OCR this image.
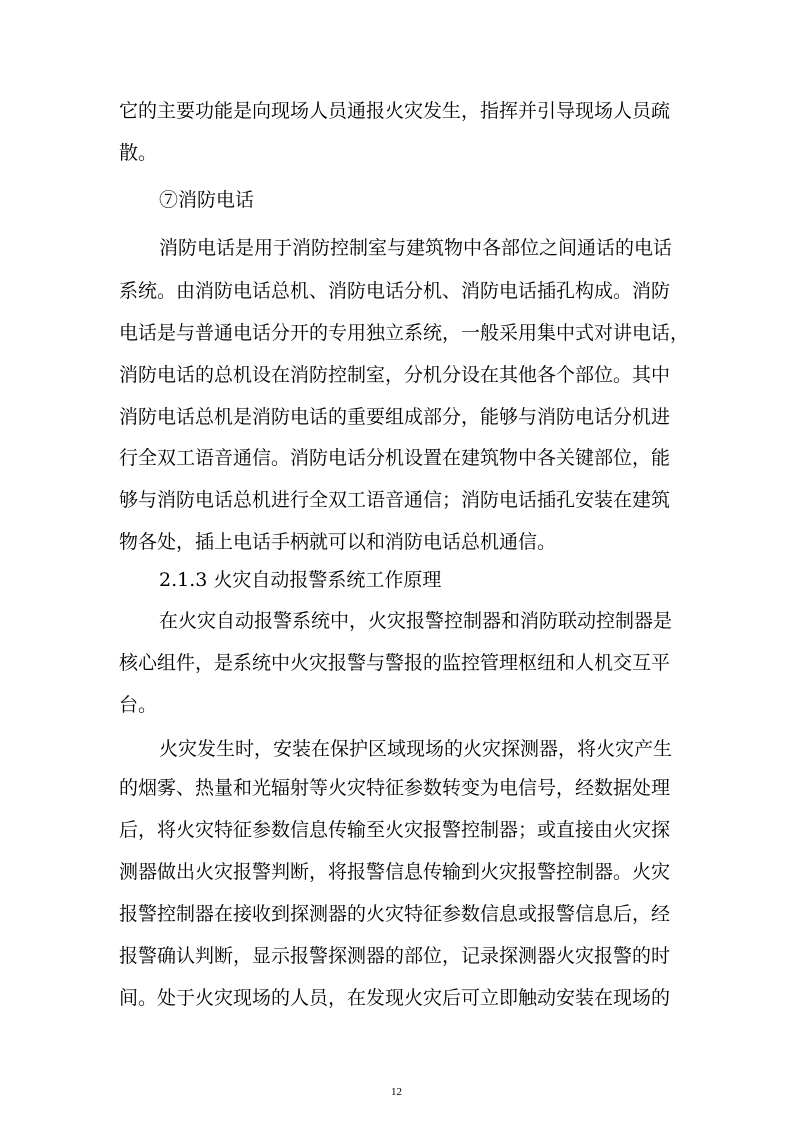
它的主要功能是向现场人员通报火灾发生，指挥并引导现场人员疏
散。
⑦消防电话
消防电话是用于消防控制室与建筑物中各部位之间通话的电话
系统。由消防电话总机、消防电话分机、消防电话插孔构成。消防
电话是与普通电话分开的专用独立系统，一般采用集中式对讲电话，
消防电话的总机设在消防控制室，分机分设在其他各个部位。其中
消防电话总机是消防电话的重要组成部分，能够与消防电话分机进
行全双工语音通信。消防电话分机设置在建筑物中各关键部位，能
够与消防电话总机进行全双工语音通信；消防电话插孔安装在建筑
物各处，插上电话手柄就可以和消防电话总机通信。
2.1.3 火灾自动报警系统工作原理
在火灾自动报警系统中，火灾报警控制器和消防联动控制器是
核心组件，是系统中火灾报警与警报的监控管理枢纽和人机交互平
台。
火灾发生时，安装在保护区域现场的火灾探测器，将火灾产生
的烟雾、热量和光辐射等火灾特征参数转变为电信号，经数据处理
后，将火灾特征参数信息传输至火灾报警控制器；或直接由火灾探
测器做出火灾报警判断，将报警信息传输到火灾报警控制器。火灾
报警控制器在接收到探测器的火灾特征参数信息或报警信息后，经
报警确认判断，显示报警探测器的部位，记录探测器火灾报警的时
间。处于火灾现场的人员，在发现火灾后可立即触动安装在现场的
12
